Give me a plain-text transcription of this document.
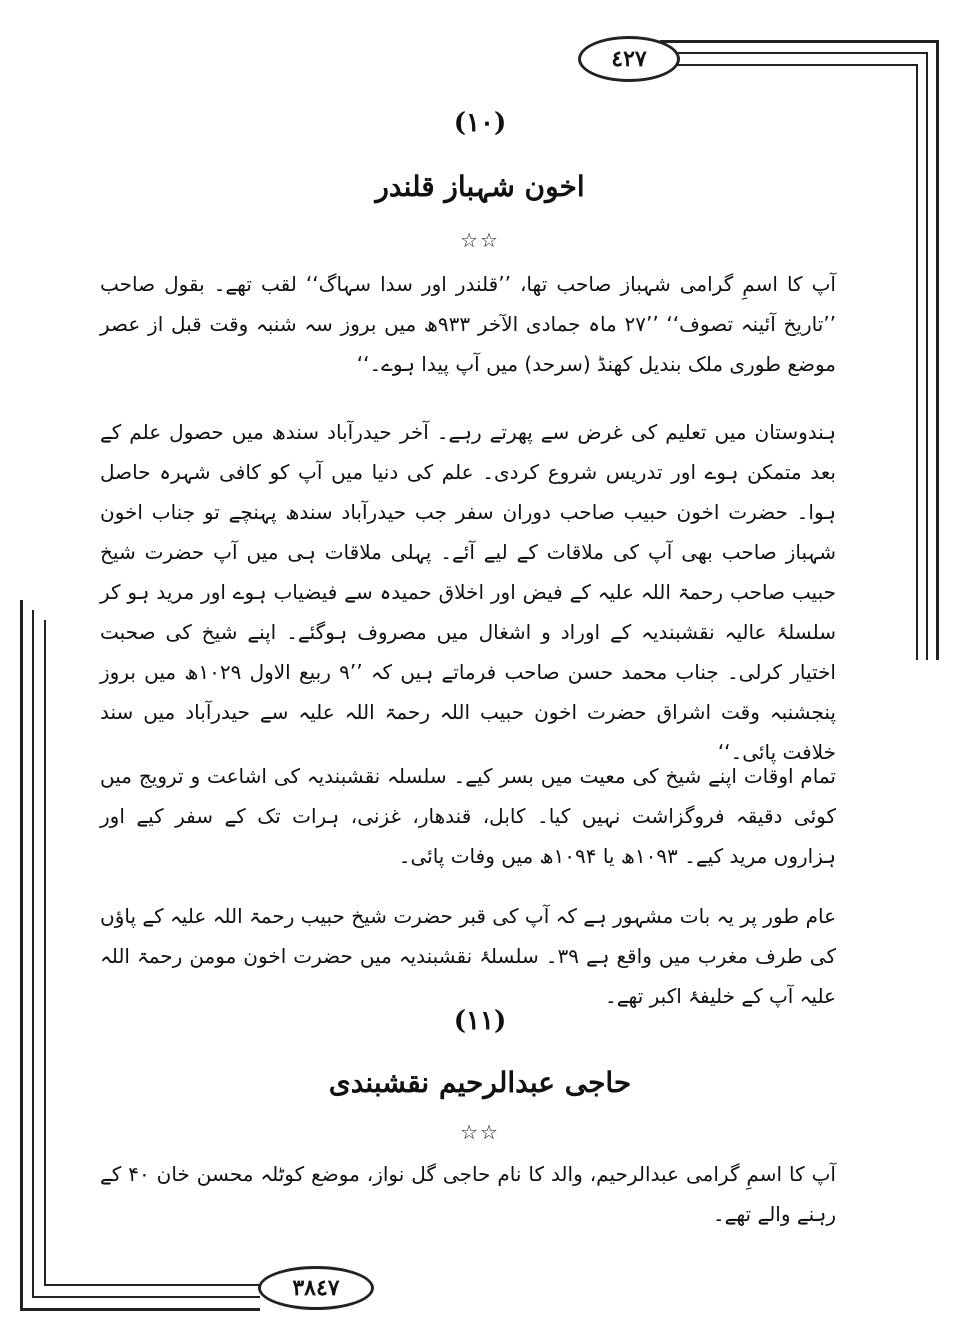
٤٢٧
٣٨٤٧
(١٠)
اخون شہباز قلندر
☆☆
آپ کا اسمِ گرامی شہباز صاحب تھا، ’’قلندر اور سدا سہاگ‘‘ لقب تھے۔ بقول صاحب ’’تاریخ آئینہ تصوف‘‘ ’’۲۷ ماہ جمادی الآخر ۹۳۳ھ میں بروز سہ شنبہ وقت قبل از عصر موضع طوری ملک بندیل کھنڈ (سرحد) میں آپ پیدا ہوے۔‘‘
ہندوستان میں تعلیم کی غرض سے پھرتے رہے۔ آخر حیدرآباد سندھ میں حصول علم کے بعد متمکن ہوے اور تدریس شروع کردی۔ علم کی دنیا میں آپ کو کافی شہرہ حاصل ہوا۔ حضرت اخون حبیب صاحب دوران سفر جب حیدرآباد سندھ پہنچے تو جناب اخون شہباز صاحب بھی آپ کی ملاقات کے لیے آئے۔ پہلی ملاقات ہی میں آپ حضرت شیخ حبیب صاحب رحمۃ اللہ علیہ کے فیض اور اخلاق حمیدہ سے فیضیاب ہوے اور مرید ہو کر سلسلۂ عالیہ نقشبندیہ کے اوراد و اشغال میں مصروف ہوگئے۔ اپنے شیخ کی صحبت اختیار کرلی۔ جناب محمد حسن صاحب فرماتے ہیں کہ ’’۹ ربیع الاول ۱۰۲۹ھ میں بروز پنجشنبہ وقت اشراق حضرت اخون حبیب اللہ رحمۃ اللہ علیہ سے حیدرآباد میں سند خلافت پائی۔‘‘
تمام اوقات اپنے شیخ کی معیت میں بسر کیے۔ سلسلہ نقشبندیہ کی اشاعت و ترویج میں کوئی دقیقہ فروگزاشت نہیں کیا۔ کابل، قندھار، غزنی، ہرات تک کے سفر کیے اور ہزاروں مرید کیے۔ ۱۰۹۳ھ یا ۱۰۹۴ھ میں وفات پائی۔
عام طور پر یہ بات مشہور ہے کہ آپ کی قبر حضرت شیخ حبیب رحمۃ اللہ علیہ کے پاؤں کی طرف مغرب میں واقع ہے ۳۹۔ سلسلۂ نقشبندیہ میں حضرت اخون مومن رحمۃ اللہ علیہ آپ کے خلیفۂ اکبر تھے۔
(١١)
حاجی عبدالرحیم نقشبندی
☆☆
آپ کا اسمِ گرامی عبدالرحیم، والد کا نام حاجی گل نواز، موضع کوٹلہ محسن خان ۴۰ کے رہنے والے تھے۔
